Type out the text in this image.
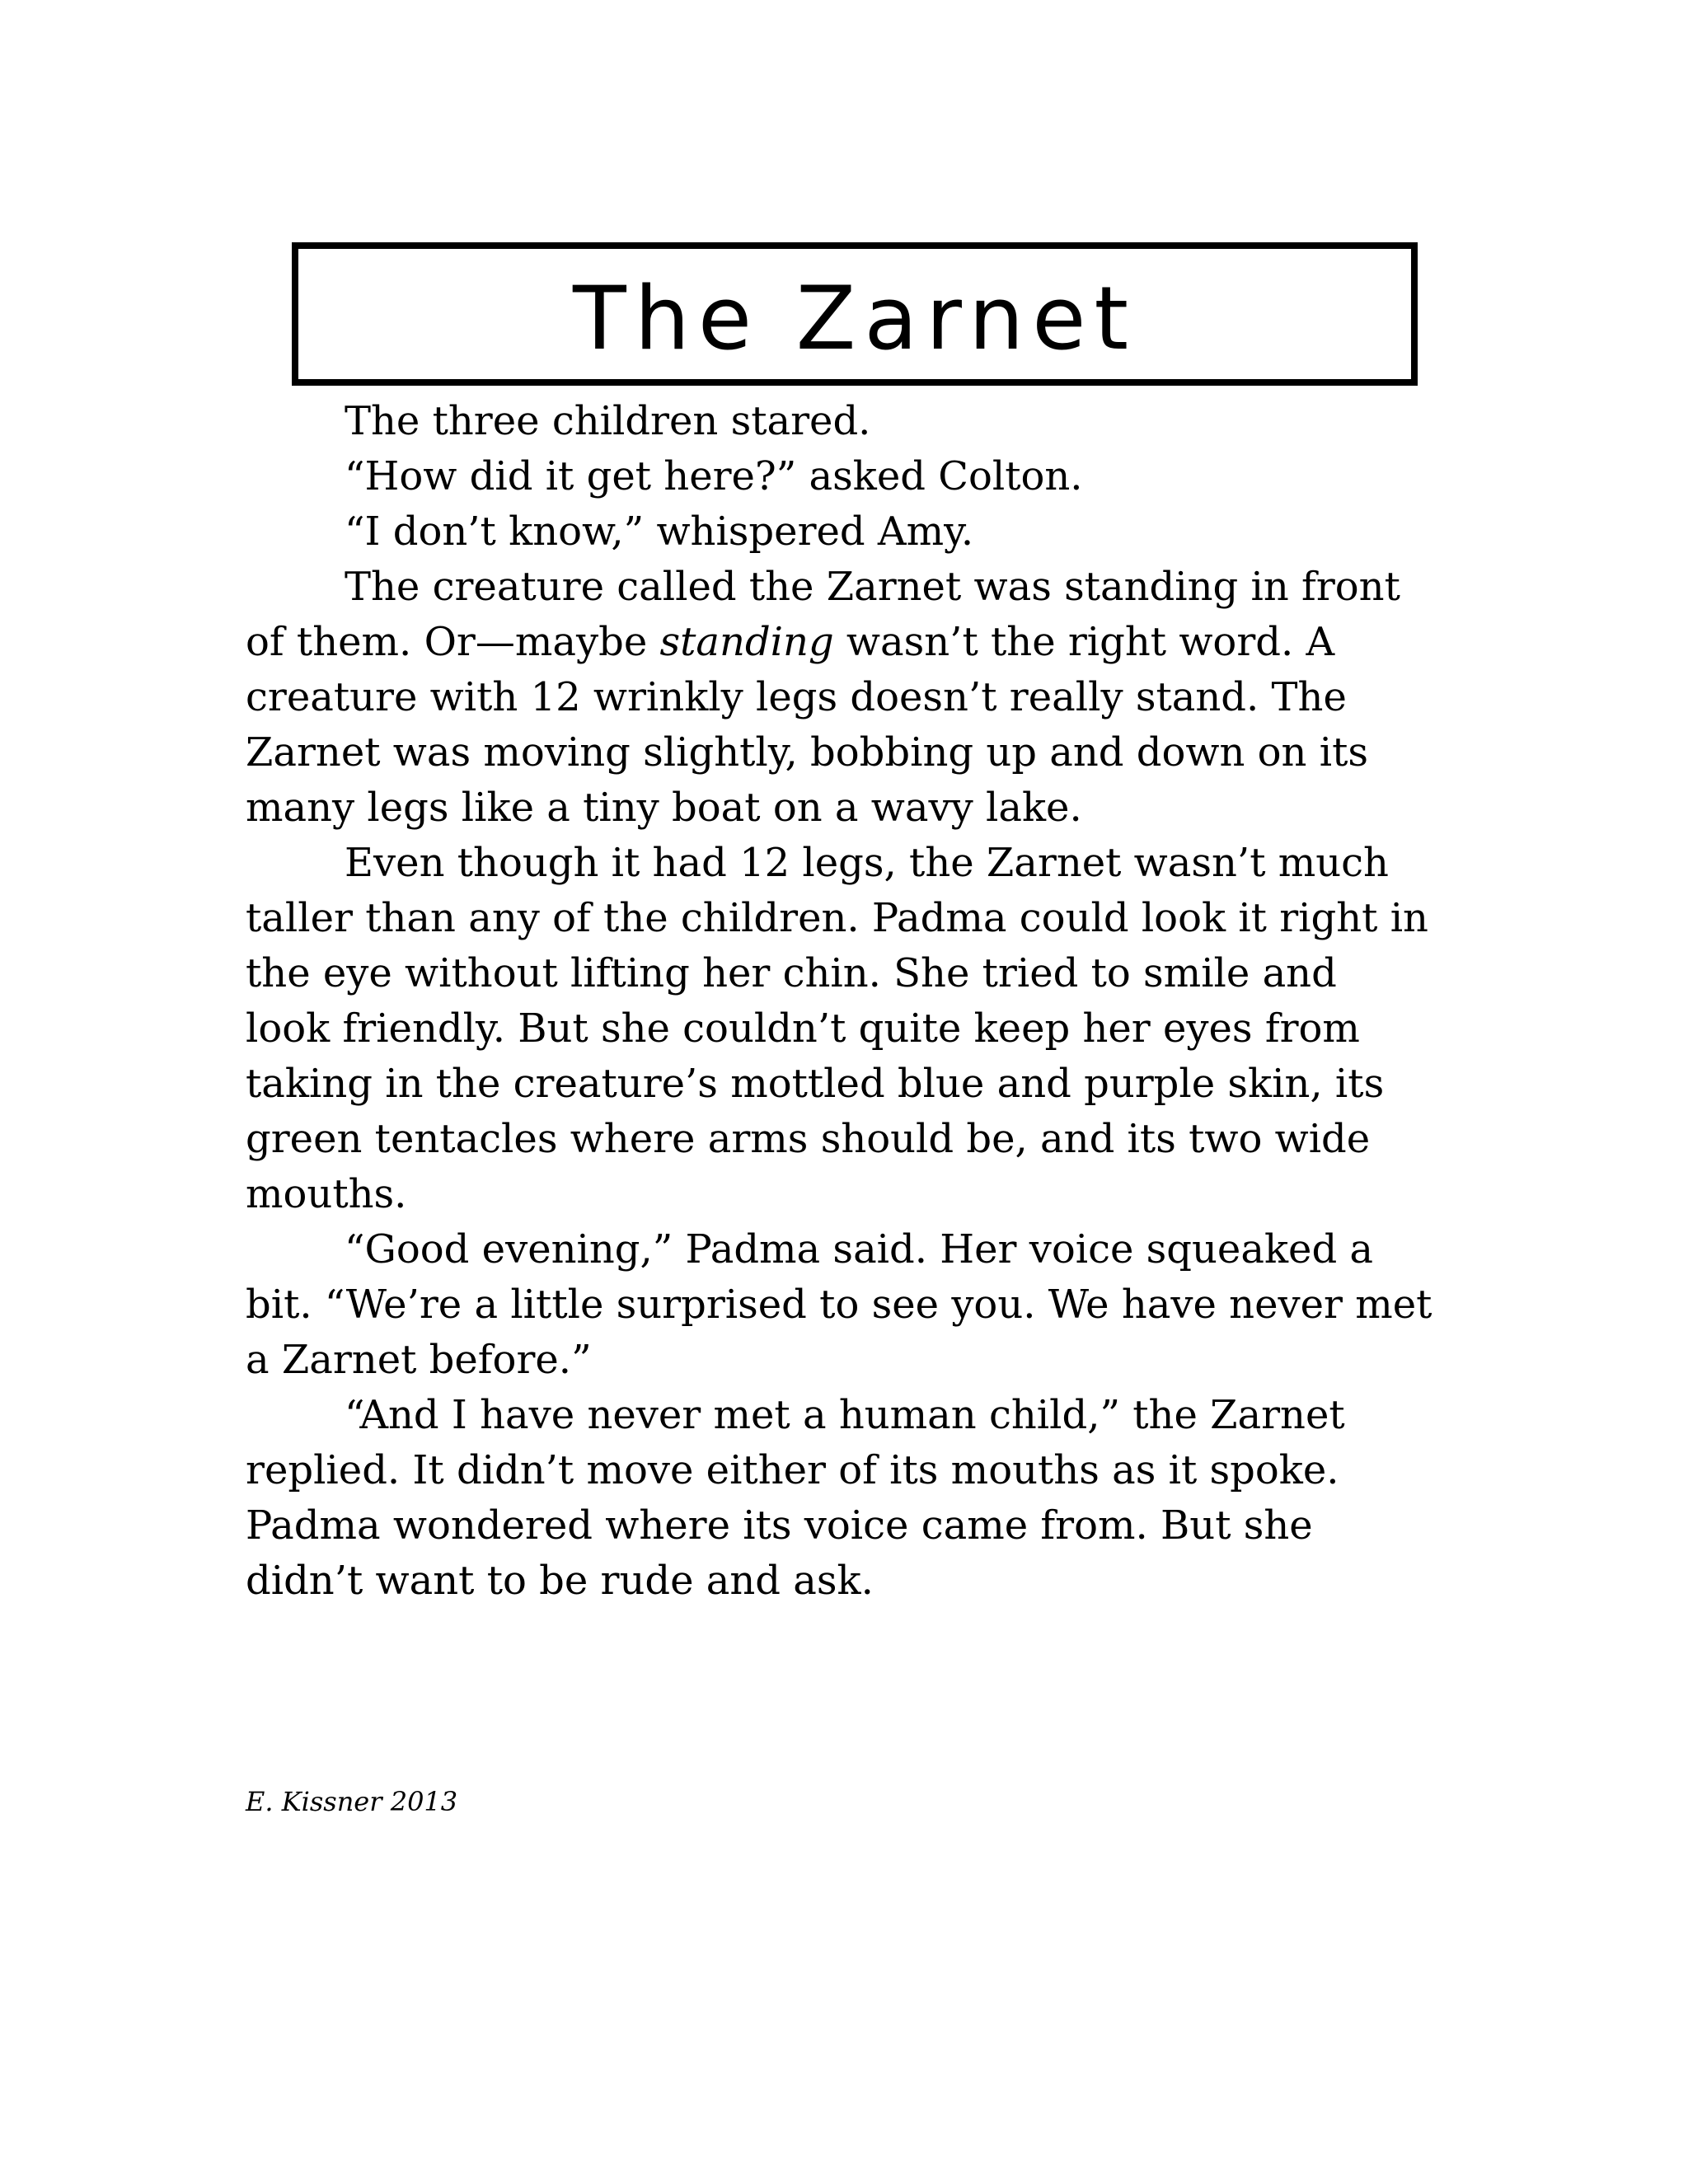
The Zarnet

The three children stared.

“How did it get here?” asked Colton.

“I don’t know,” whispered Amy.

The creature called the Zarnet was standing in front of them. Or—maybe standing wasn’t the right word. A creature with 12 wrinkly legs doesn’t really stand. The Zarnet was moving slightly, bobbing up and down on its many legs like a tiny boat on a wavy lake.

Even though it had 12 legs, the Zarnet wasn’t much taller than any of the children. Padma could look it right in the eye without lifting her chin. She tried to smile and look friendly. But she couldn’t quite keep her eyes from taking in the creature’s mottled blue and purple skin, its green tentacles where arms should be, and its two wide mouths.

“Good evening,” Padma said. Her voice squeaked a bit. “We’re a little surprised to see you. We have never met a Zarnet before.”

“And I have never met a human child,” the Zarnet replied. It didn’t move either of its mouths as it spoke. Padma wondered where its voice came from. But she didn’t want to be rude and ask.

E. Kissner 2013
